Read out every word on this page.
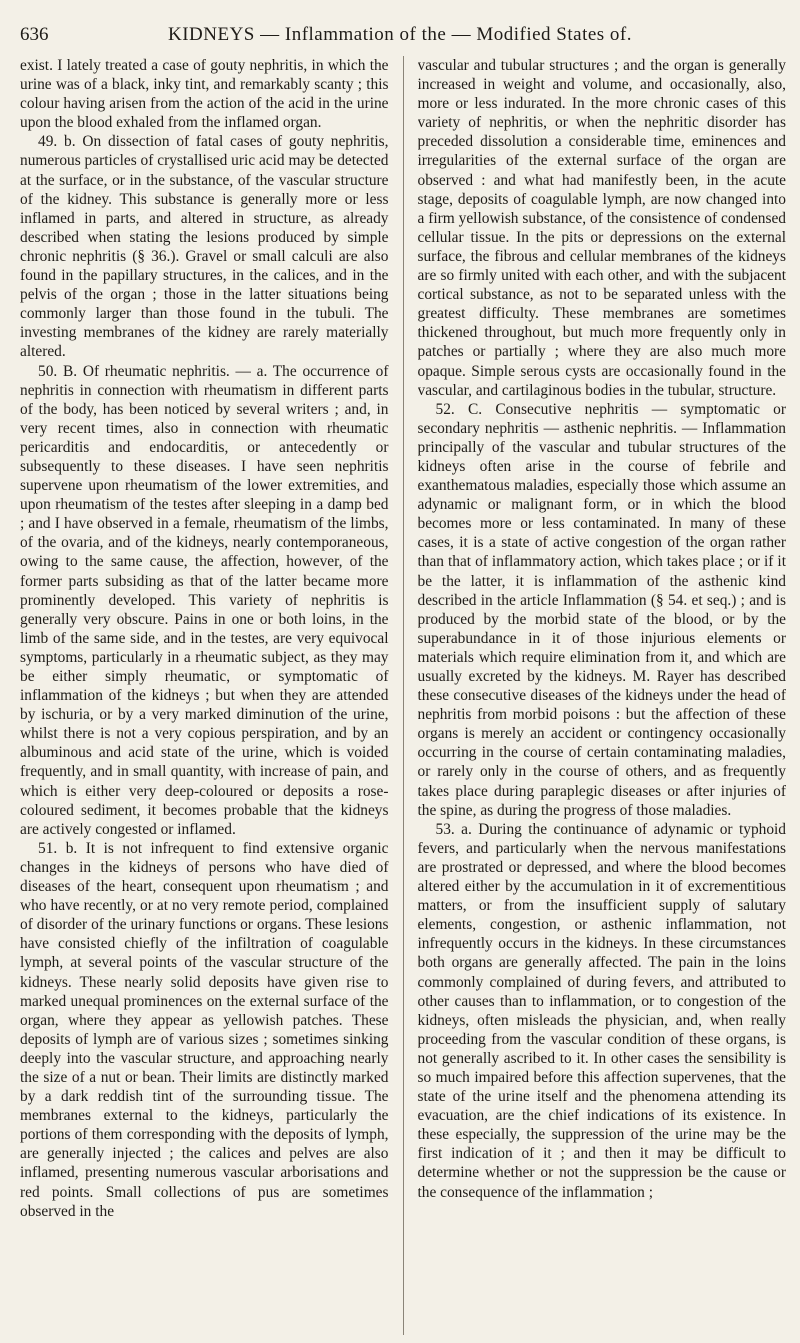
636	KIDNEYS — Inflammation of the — Modified States of.

exist. I lately treated a case of gouty nephritis, in which the urine was of a black, inky tint, and remarkably scanty ; this colour having arisen from the action of the acid in the urine upon the blood exhaled from the inflamed organ.

49. b. On dissection of fatal cases of gouty nephritis, numerous particles of crystallised uric acid may be detected at the surface, or in the substance, of the vascular structure of the kidney. This substance is generally more or less inflamed in parts, and altered in structure, as already described when stating the lesions produced by simple chronic nephritis (§ 36.). Gravel or small calculi are also found in the papillary structures, in the calices, and in the pelvis of the organ ; those in the latter situations being commonly larger than those found in the tubuli. The investing membranes of the kidney are rarely materially altered.

50. B. Of rheumatic nephritis. — a. The occurrence of nephritis in connection with rheumatism in different parts of the body, has been noticed by several writers ; and, in very recent times, also in connection with rheumatic pericarditis and endocarditis, or antecedently or subsequently to these diseases. I have seen nephritis supervene upon rheumatism of the lower extremities, and upon rheumatism of the testes after sleeping in a damp bed ; and I have observed in a female, rheumatism of the limbs, of the ovaria, and of the kidneys, nearly contemporaneous, owing to the same cause, the affection, however, of the former parts subsiding as that of the latter became more prominently developed. This variety of nephritis is generally very obscure. Pains in one or both loins, in the limb of the same side, and in the testes, are very equivocal symptoms, particularly in a rheumatic subject, as they may be either simply rheumatic, or symptomatic of inflammation of the kidneys ; but when they are attended by ischuria, or by a very marked diminution of the urine, whilst there is not a very copious perspiration, and by an albuminous and acid state of the urine, which is voided frequently, and in small quantity, with increase of pain, and which is either very deep-coloured or deposits a rose-coloured sediment, it becomes probable that the kidneys are actively congested or inflamed.

51. b. It is not infrequent to find extensive organic changes in the kidneys of persons who have died of diseases of the heart, consequent upon rheumatism ; and who have recently, or at no very remote period, complained of disorder of the urinary functions or organs. These lesions have consisted chiefly of the infiltration of coagulable lymph, at several points of the vascular structure of the kidneys. These nearly solid deposits have given rise to marked unequal prominences on the external surface of the organ, where they appear as yellowish patches. These deposits of lymph are of various sizes ; sometimes sinking deeply into the vascular structure, and approaching nearly the size of a nut or bean. Their limits are distinctly marked by a dark reddish tint of the surrounding tissue. The membranes external to the kidneys, particularly the portions of them corresponding with the deposits of lymph, are generally injected ; the calices and pelves are also inflamed, presenting numerous vascular arborisations and red points. Small collections of pus are sometimes observed in the

vascular and tubular structures ; and the organ is generally increased in weight and volume, and occasionally, also, more or less indurated. In the more chronic cases of this variety of nephritis, or when the nephritic disorder has preceded dissolution a considerable time, eminences and irregularities of the external surface of the organ are observed : and what had manifestly been, in the acute stage, deposits of coagulable lymph, are now changed into a firm yellowish substance, of the consistence of condensed cellular tissue. In the pits or depressions on the external surface, the fibrous and cellular membranes of the kidneys are so firmly united with each other, and with the subjacent cortical substance, as not to be separated unless with the greatest difficulty. These membranes are sometimes thickened throughout, but much more frequently only in patches or partially ; where they are also much more opaque. Simple serous cysts are occasionally found in the vascular, and cartilaginous bodies in the tubular, structure.

52. C. Consecutive nephritis — symptomatic or secondary nephritis — asthenic nephritis. — Inflammation principally of the vascular and tubular structures of the kidneys often arise in the course of febrile and exanthematous maladies, especially those which assume an adynamic or malignant form, or in which the blood becomes more or less contaminated. In many of these cases, it is a state of active congestion of the organ rather than that of inflammatory action, which takes place ; or if it be the latter, it is inflammation of the asthenic kind described in the article Inflammation (§ 54. et seq.) ; and is produced by the morbid state of the blood, or by the superabundance in it of those injurious elements or materials which require elimination from it, and which are usually excreted by the kidneys. M. Rayer has described these consecutive diseases of the kidneys under the head of nephritis from morbid poisons : but the affection of these organs is merely an accident or contingency occasionally occurring in the course of certain contaminating maladies, or rarely only in the course of others, and as frequently takes place during paraplegic diseases or after injuries of the spine, as during the progress of those maladies.

53. a. During the continuance of adynamic or typhoid fevers, and particularly when the nervous manifestations are prostrated or depressed, and where the blood becomes altered either by the accumulation in it of excrementitious matters, or from the insufficient supply of salutary elements, congestion, or asthenic inflammation, not infrequently occurs in the kidneys. In these circumstances both organs are generally affected. The pain in the loins commonly complained of during fevers, and attributed to other causes than to inflammation, or to congestion of the kidneys, often misleads the physician, and, when really proceeding from the vascular condition of these organs, is not generally ascribed to it. In other cases the sensibility is so much impaired before this affection supervenes, that the state of the urine itself and the phenomena attending its evacuation, are the chief indications of its existence. In these especially, the suppression of the urine may be the first indication of it ; and then it may be difficult to determine whether or not the suppression be the cause or the consequence of the inflammation ;
